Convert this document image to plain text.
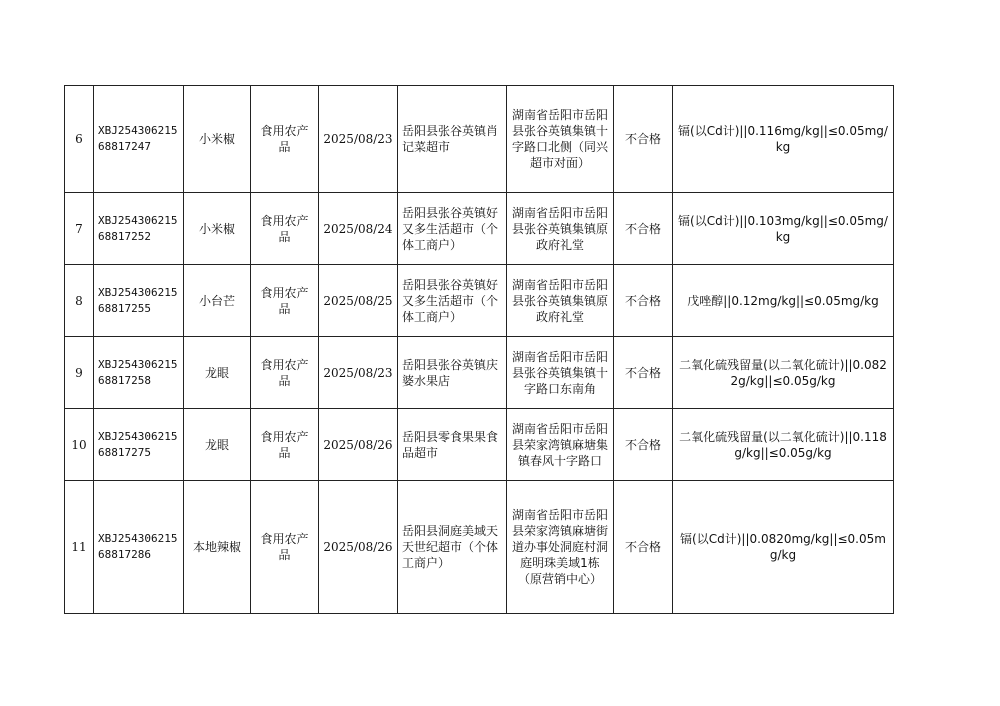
6	XBJ25430621568817247	小米椒	食用农产品	2025/08/23	岳阳县张谷英镇肖记菜超市	湖南省岳阳市岳阳县张谷英镇集镇十字路口北侧（同兴超市对面）	不合格	镉(以Cd计)||0.116mg/kg||≤0.05mg/kg
7	XBJ25430621568817252	小米椒	食用农产品	2025/08/24	岳阳县张谷英镇好又多生活超市（个体工商户）	湖南省岳阳市岳阳县张谷英镇集镇原政府礼堂	不合格	镉(以Cd计)||0.103mg/kg||≤0.05mg/kg
8	XBJ25430621568817255	小台芒	食用农产品	2025/08/25	岳阳县张谷英镇好又多生活超市（个体工商户）	湖南省岳阳市岳阳县张谷英镇集镇原政府礼堂	不合格	戊唑醇||0.12mg/kg||≤0.05mg/kg
9	XBJ25430621568817258	龙眼	食用农产品	2025/08/23	岳阳县张谷英镇庆婆水果店	湖南省岳阳市岳阳县张谷英镇集镇十字路口东南角	不合格	二氧化硫残留量(以二氧化硫计)||0.0822g/kg||≤0.05g/kg
10	XBJ25430621568817275	龙眼	食用农产品	2025/08/26	岳阳县零食果果食品超市	湖南省岳阳市岳阳县荣家湾镇麻塘集镇春风十字路口	不合格	二氧化硫残留量(以二氧化硫计)||0.118g/kg||≤0.05g/kg
11	XBJ25430621568817286	本地辣椒	食用农产品	2025/08/26	岳阳县洞庭美域天天世纪超市（个体工商户）	湖南省岳阳市岳阳县荣家湾镇麻塘街道办事处洞庭村洞庭明珠美域1栋（原营销中心）	不合格	镉(以Cd计)||0.0820mg/kg||≤0.05mg/kg
